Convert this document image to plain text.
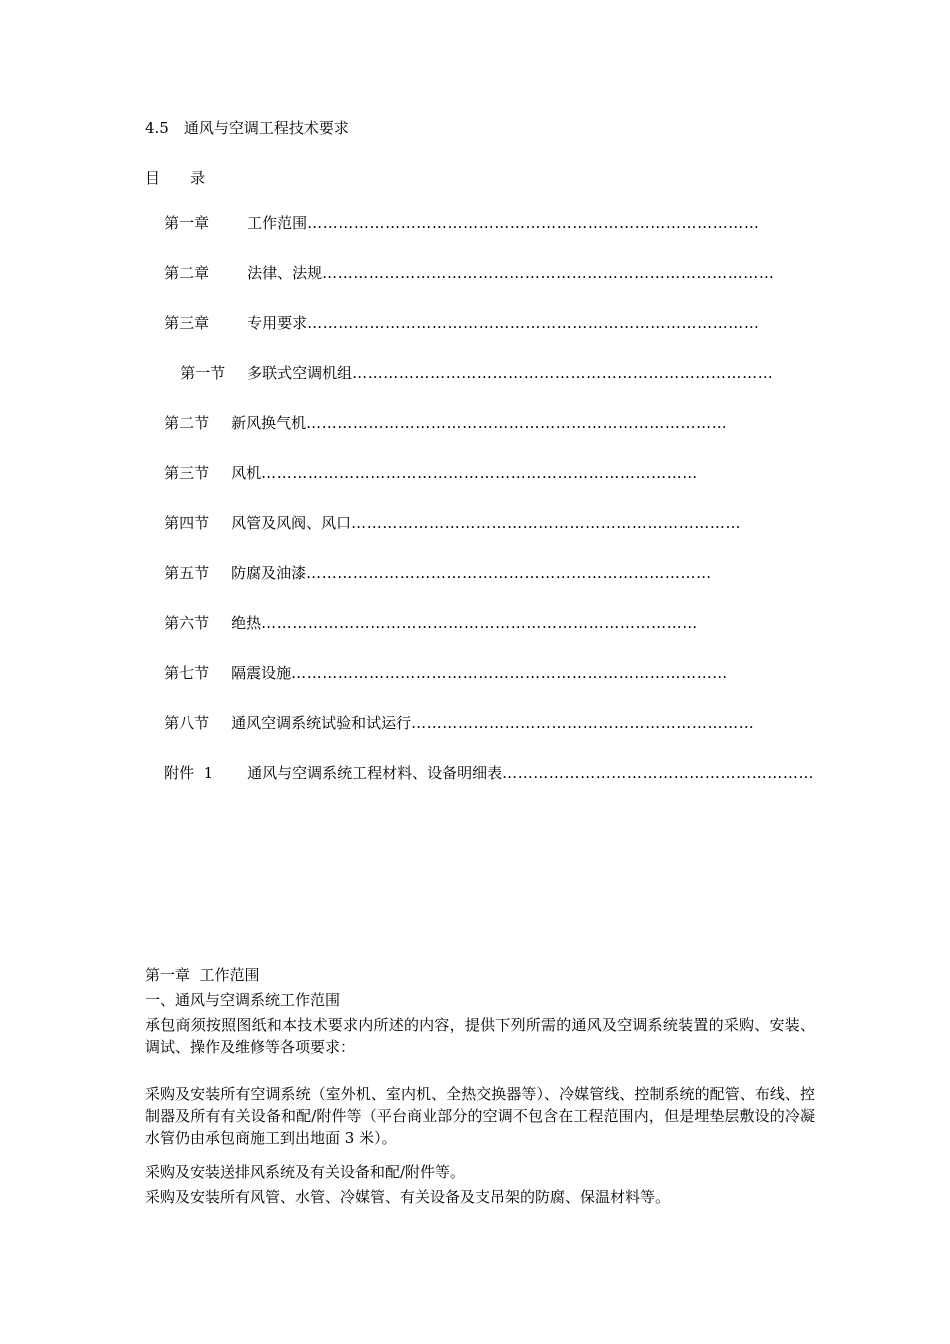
4.5　通风与空调工程技术要求
目　　录

第一章	工作范围……………………………………………………………………………

第二章	法律、法规……………………………………………………………………………

第三章	专用要求……………………………………………………………………………

第一节 多联式空调机组………………………………………………………………………

第二节 新风换气机………………………………………………………………………

第三节 风机…………………………………………………………………………

第四节 风管及风阀、风口…………………………………………………………………

第五节 防腐及油漆……………………………………………………………………

第六节 绝热…………………………………………………………………………

第七节 隔震设施…………………………………………………………………………

第八节 通风空调系统试验和试运行…………………………………………………………

附件  1 通风与空调系统工程材料、设备明细表……………………………………………………

第一章  工作范围
一、通风与空调系统工作范围
承包商须按照图纸和本技术要求内所述的内容，提供下列所需的通风及空调系统装置的采购、安装、调试、操作及维修等各项要求：
采购及安装所有空调系统（室外机、室内机、全热交换器等）、冷媒管线、控制系统的配管、布线、控制器及所有有关设备和配/附件等（平台商业部分的空调不包含在工程范围内，但是埋垫层敷设的冷凝水管仍由承包商施工到出地面 3 米）。
采购及安装送排风系统及有关设备和配/附件等。
采购及安装所有风管、水管、冷媒管、有关设备及支吊架的防腐、保温材料等。
